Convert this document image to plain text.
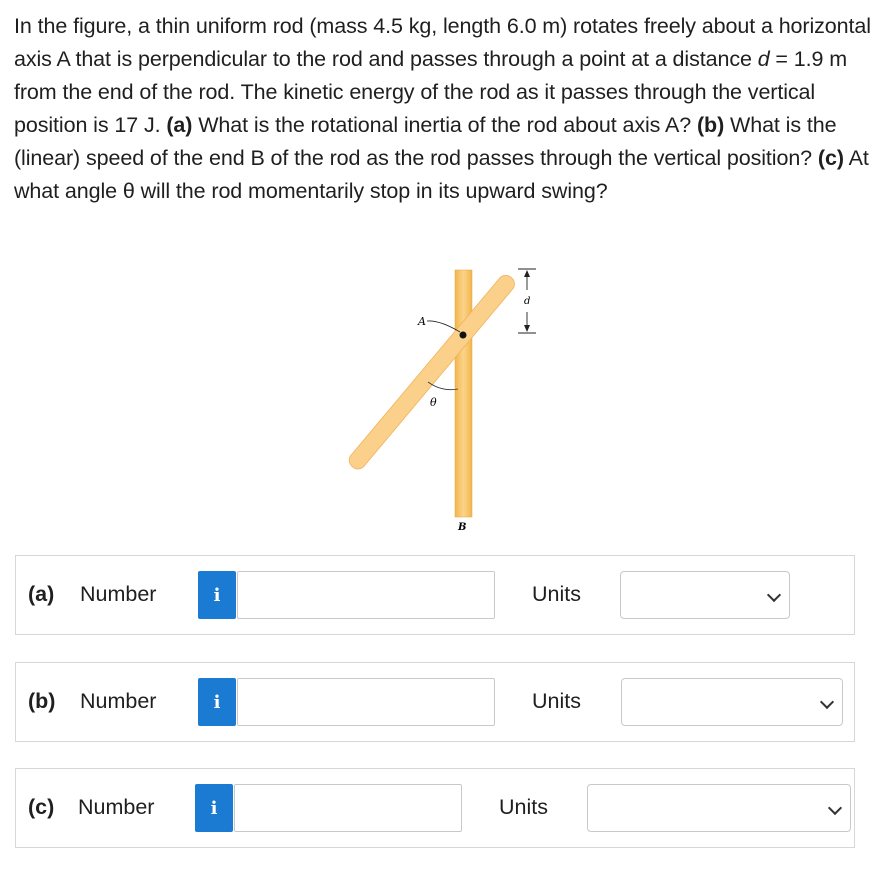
In the figure, a thin uniform rod (mass 4.5 kg, length 6.0 m) rotates freely about a horizontal axis A that is perpendicular to the rod and passes through a point at a distance d = 1.9 m from the end of the rod. The kinetic energy of the rod as it passes through the vertical position is 17 J. (a) What is the rotational inertia of the rod about axis A? (b) What is the (linear) speed of the end B of the rod as the rod passes through the vertical position? (c) At what angle θ will the rod momentarily stop in its upward swing?

A
θ
B
d
(a) Number	i	Units
(b) Number	i	Units
(c) Number	i	Units
